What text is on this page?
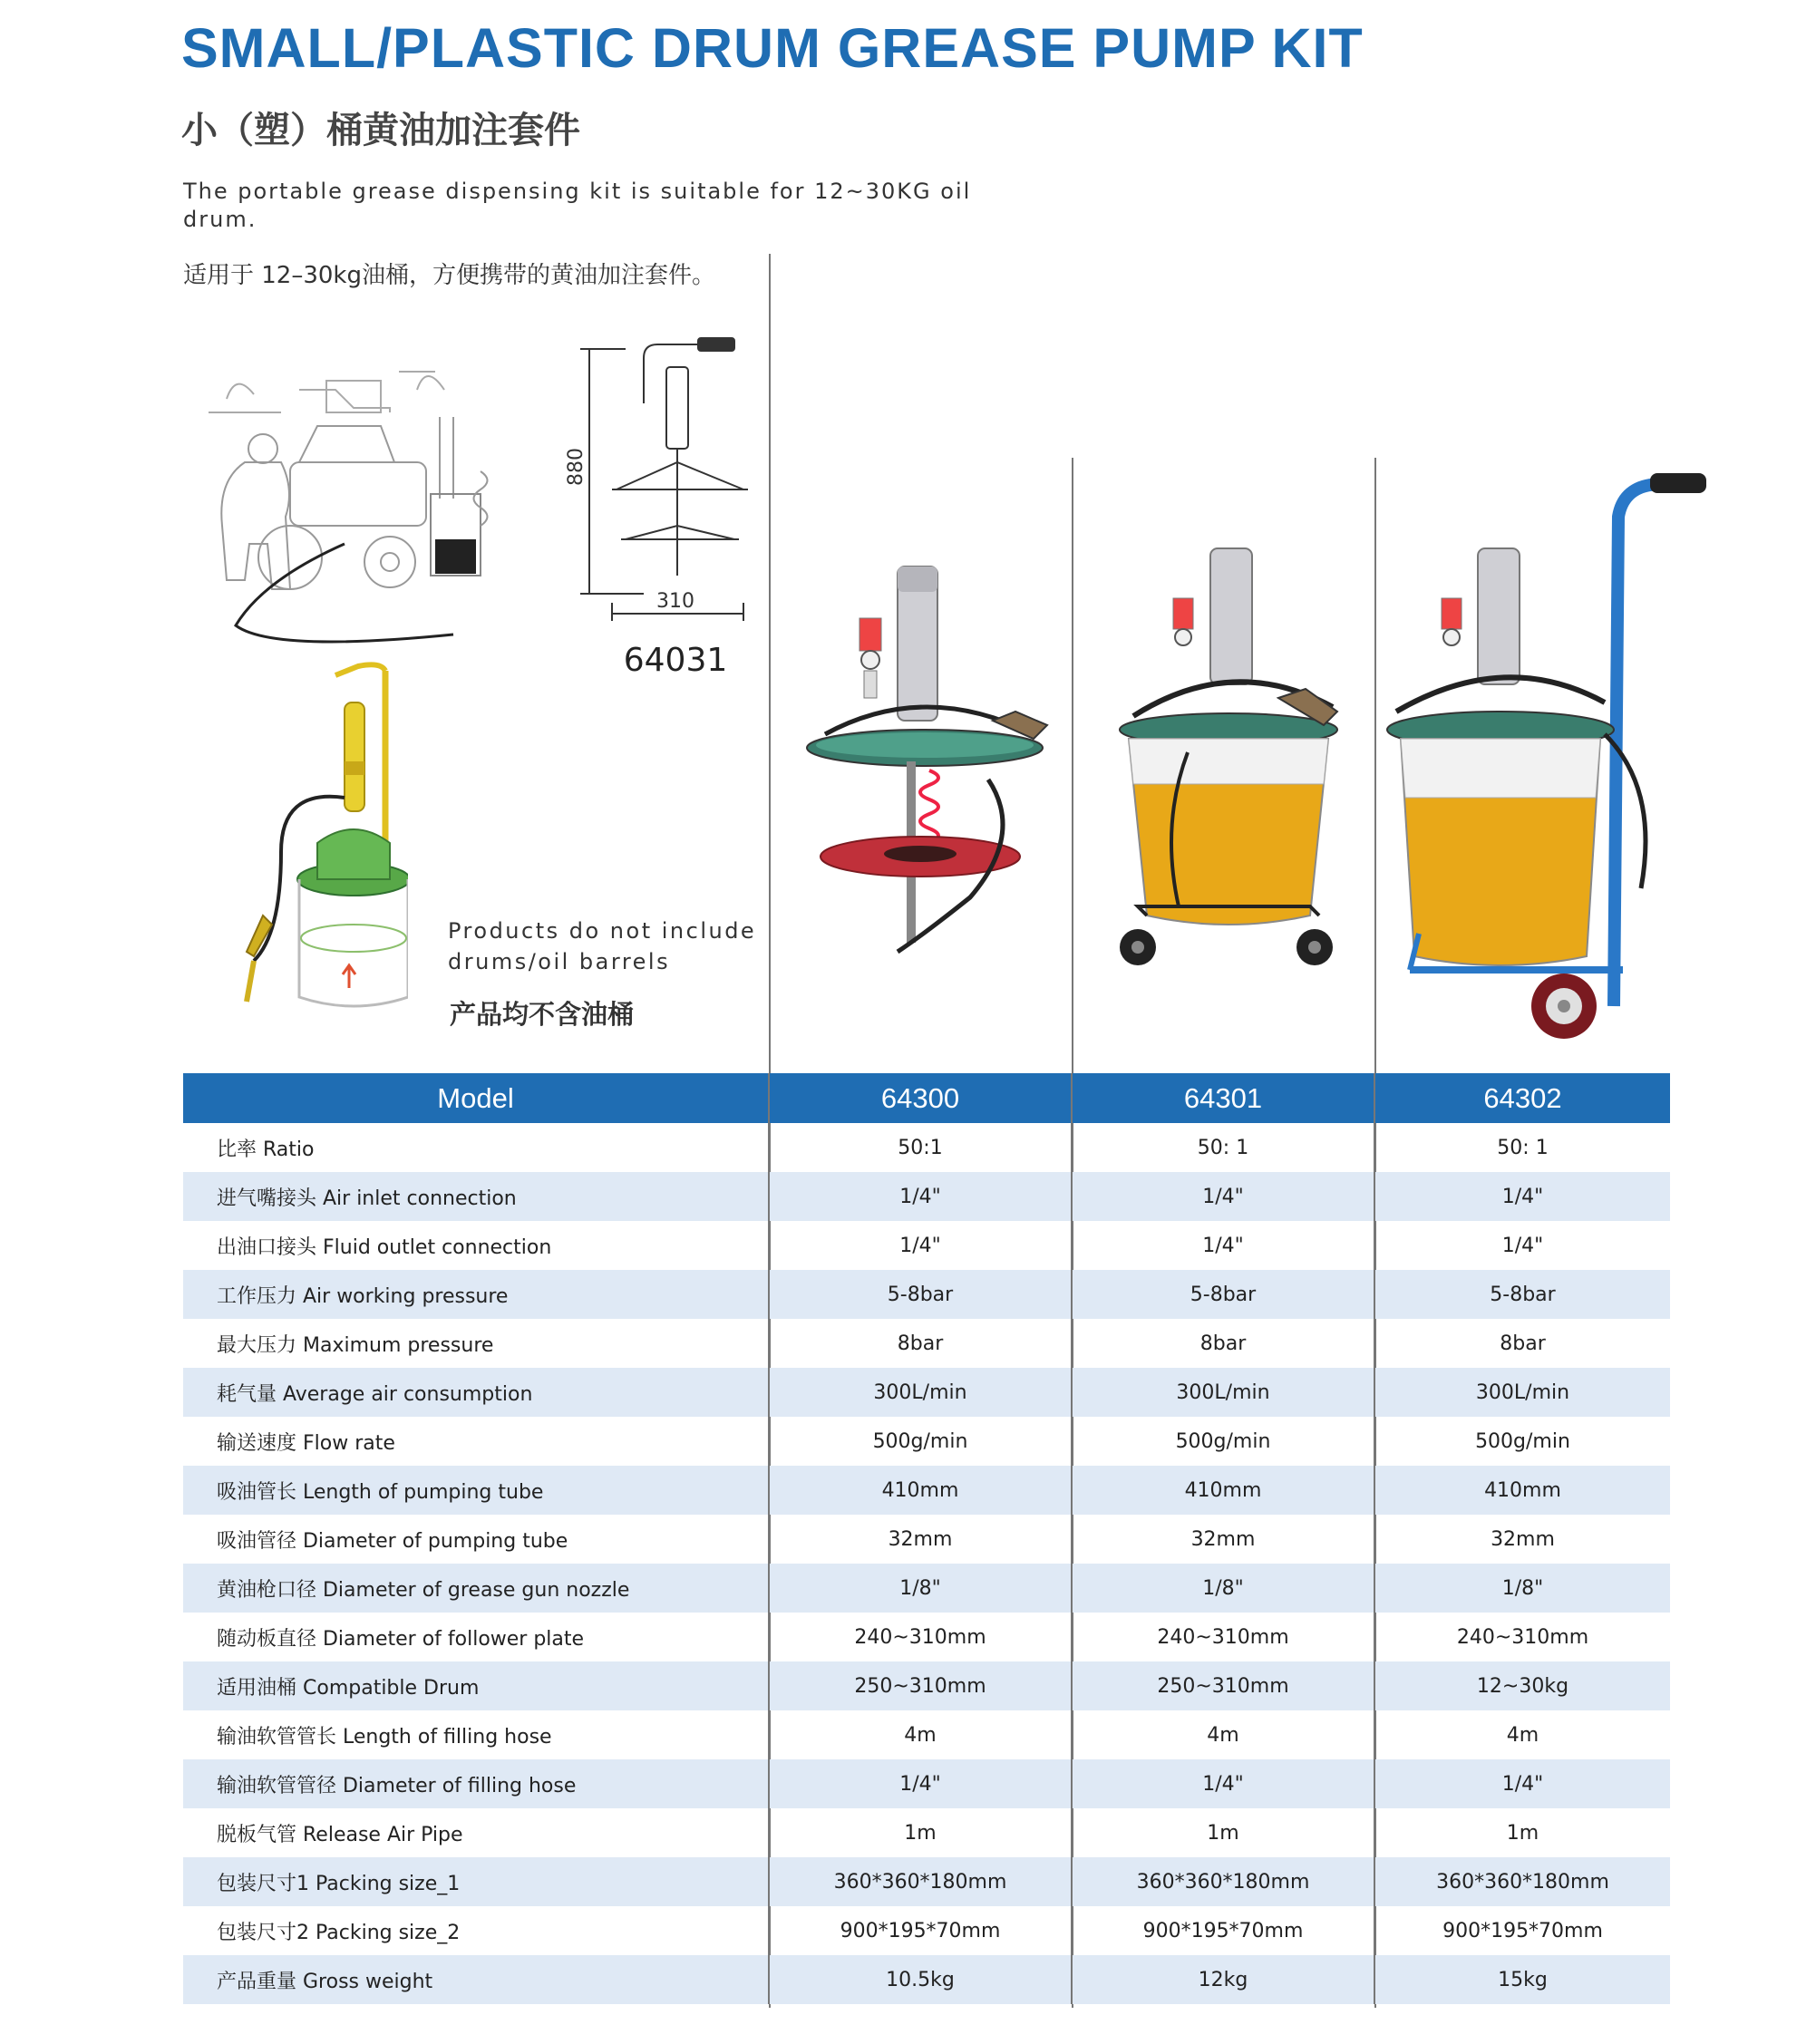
SMALL/PLASTIC DRUM GREASE PUMP KIT
小（塑）桶黄油加注套件
The portable grease dispensing kit is suitable for 12~30KG oil
drum.
适用于 12–30kg油桶，方便携带的黄油加注套件。
880
310
64031
Products do not include
drums/oil barrels
产品均不含油桶
Model	64300	64301	64302
比率 Ratio	50:1	50: 1	50: 1
进气嘴接头 Air inlet connection	1/4"	1/4"	1/4"
出油口接头 Fluid outlet connection	1/4"	1/4"	1/4"
工作压力 Air working pressure	5-8bar	5-8bar	5-8bar
最大压力 Maximum pressure	8bar	8bar	8bar
耗气量 Average air consumption	300L/min	300L/min	300L/min
输送速度 Flow rate	500g/min	500g/min	500g/min
吸油管长 Length of pumping tube	410mm	410mm	410mm
吸油管径 Diameter of pumping tube	32mm	32mm	32mm
黄油枪口径 Diameter of grease gun nozzle	1/8"	1/8"	1/8"
随动板直径 Diameter of follower plate	240~310mm	240~310mm	240~310mm
适用油桶 Compatible Drum	250~310mm	250~310mm	12~30kg
输油软管管长 Length of filling hose	4m	4m	4m
输油软管管径 Diameter of filling hose	1/4"	1/4"	1/4"
脱板气管 Release Air Pipe	1m	1m	1m
包装尺寸1 Packing size_1	360*360*180mm	360*360*180mm	360*360*180mm
包装尺寸2 Packing size_2	900*195*70mm	900*195*70mm	900*195*70mm
产品重量 Gross weight	10.5kg	12kg	15kg
